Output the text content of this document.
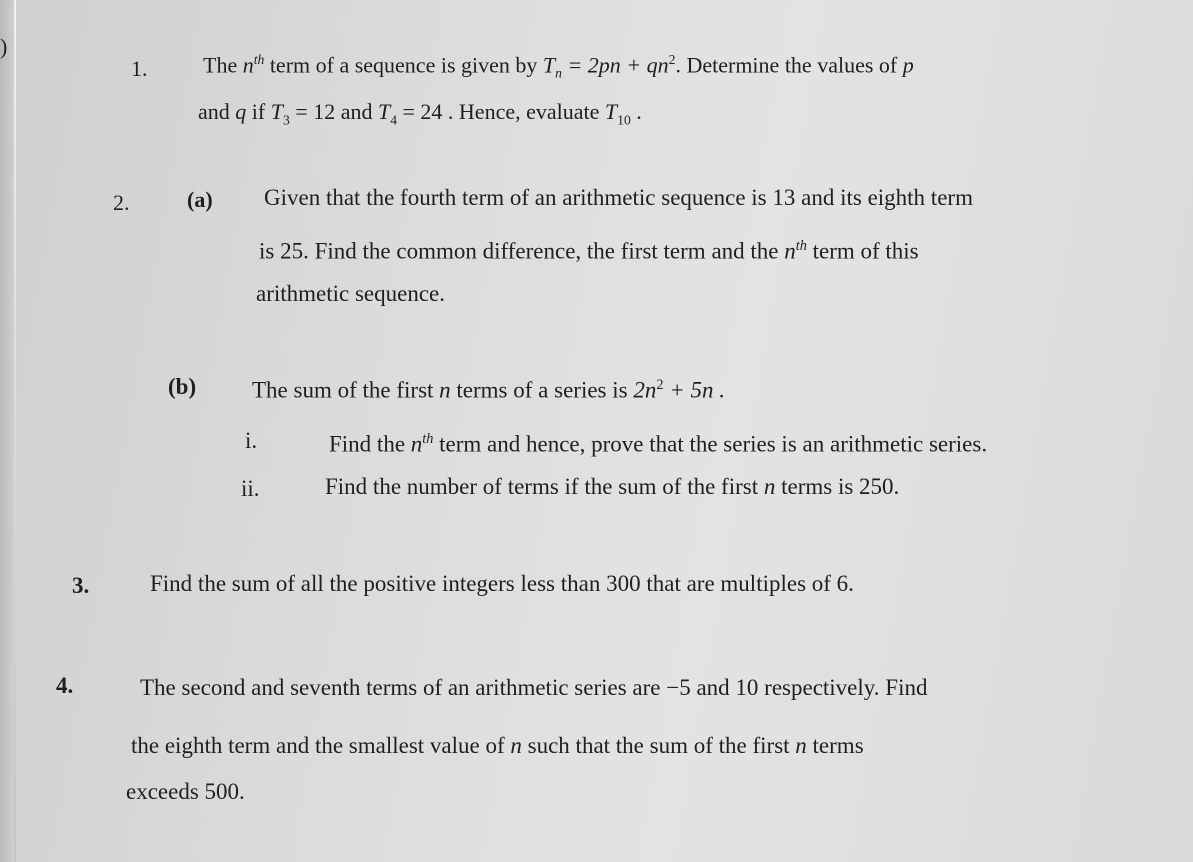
)
1.	The $n^{th}$ term of a sequence is given by $T_n = 2pn + qn^2$. Determine the values of p
and q if $T_3 = 12$ and $T_4 = 24$ . Hence, evaluate $T_{10}$ .
2.	(a) Given that the fourth term of an arithmetic sequence is 13 and its eighth term
is 25. Find the common difference, the first term and the $n^{th}$ term of this
arithmetic sequence.
(b) The sum of the first n terms of a series is $2n^2 + 5n$ .
i.	Find the $n^{th}$ term and hence, prove that the series is an arithmetic series.
ii.	Find the number of terms if the sum of the first n terms is 250.
3.	Find the sum of all the positive integers less than 300 that are multiples of 6.
4.	The second and seventh terms of an arithmetic series are −5 and 10 respectively. Find
the eighth term and the smallest value of n such that the sum of the first n terms
exceeds 500.
